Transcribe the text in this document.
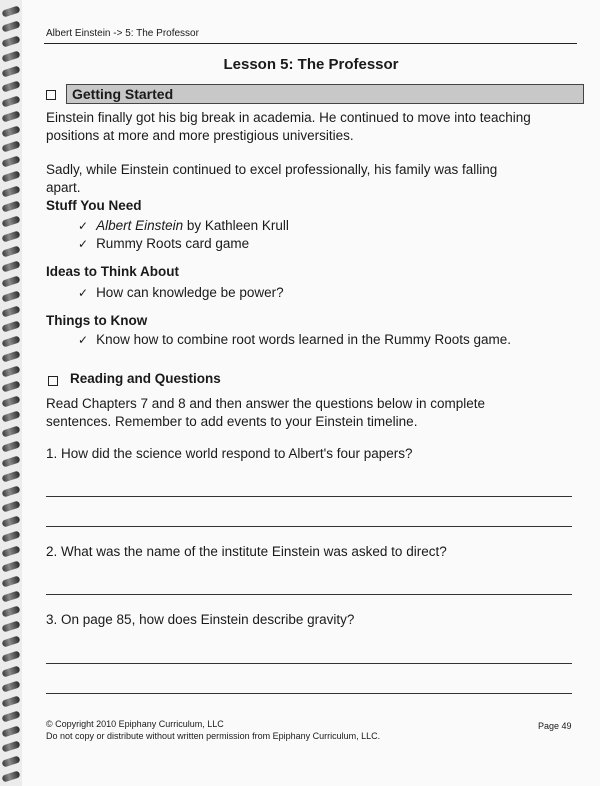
Albert Einstein -> 5: The Professor
Lesson 5: The Professor
Getting Started
Einstein finally got his big break in academia. He continued to move into teaching
positions at more and more prestigious universities.
Sadly, while Einstein continued to excel professionally, his family was falling
apart.
Stuff You Need
✓ Albert Einstein by Kathleen Krull
✓ Rummy Roots card game
Ideas to Think About
✓ How can knowledge be power?
Things to Know
✓ Know how to combine root words learned in the Rummy Roots game.
Reading and Questions
Read Chapters 7 and 8 and then answer the questions below in complete
sentences. Remember to add events to your Einstein timeline.
1. How did the science world respond to Albert's four papers?
2. What was the name of the institute Einstein was asked to direct?
3. On page 85, how does Einstein describe gravity?
© Copyright 2010 Epiphany Curriculum, LLC
Do not copy or distribute without written permission from Epiphany Curriculum, LLC.
Page 49
